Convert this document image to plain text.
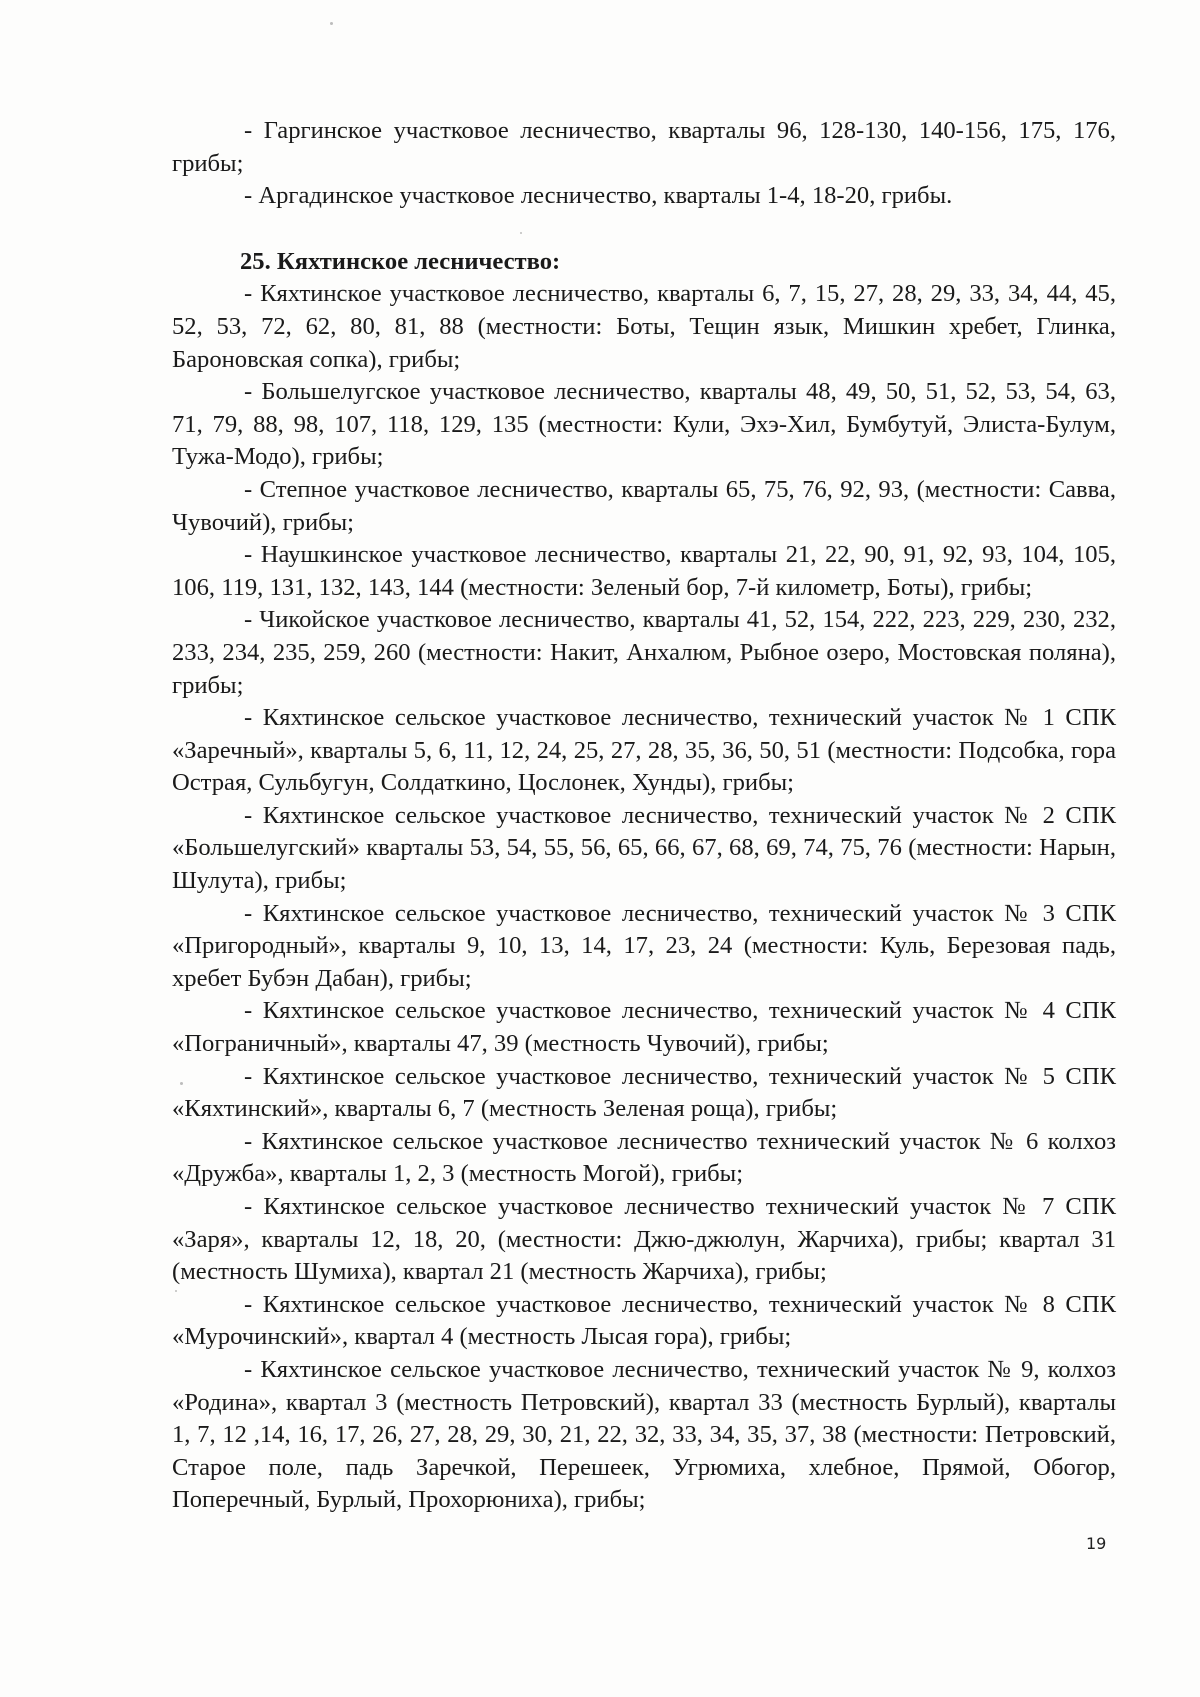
- Гаргинское участковое лесничество, кварталы 96, 128-130, 140-156, 175, 176, грибы;

- Аргадинское участковое лесничество, кварталы 1-4, 18-20, грибы.

25. Кяхтинское лесничество:

- Кяхтинское участковое лесничество, кварталы 6, 7, 15, 27, 28, 29, 33, 34, 44, 45, 52, 53, 72, 62, 80, 81, 88 (местности: Боты, Тещин язык, Мишкин хребет, Глинка, Бароновская сопка), грибы;

- Большелугское участковое лесничество, кварталы 48, 49, 50, 51, 52, 53, 54, 63, 71, 79, 88, 98, 107, 118, 129, 135 (местности: Кули, Эхэ-Хил, Бумбутуй, Элиста-Булум, Тужа-Модо), грибы;

- Степное участковое лесничество, кварталы 65, 75, 76, 92, 93, (местности: Савва, Чувочий), грибы;

- Наушкинское участковое лесничество, кварталы 21, 22, 90, 91, 92, 93, 104, 105, 106, 119, 131, 132, 143, 144 (местности: Зеленый бор, 7-й километр, Боты), грибы;

- Чикойское участковое лесничество, кварталы 41, 52, 154, 222, 223, 229, 230, 232, 233, 234, 235, 259, 260 (местности: Накит, Анхалюм, Рыбное озеро, Мостовская поляна), грибы;

- Кяхтинское сельское участковое лесничество, технический участок № 1 СПК «Заречный», кварталы 5, 6, 11, 12, 24, 25, 27, 28, 35, 36, 50, 51 (местности: Подсобка, гора Острая, Сульбугун, Солдаткино, Цослонек, Хунды), грибы;

- Кяхтинское сельское участковое лесничество, технический участок № 2 СПК «Большелугский» кварталы 53, 54, 55, 56, 65, 66, 67, 68, 69, 74, 75, 76 (местности: Нарын, Шулута), грибы;

- Кяхтинское сельское участковое лесничество, технический участок № 3 СПК «Пригородный», кварталы 9, 10, 13, 14, 17, 23, 24 (местности: Куль, Березовая падь, хребет Бубэн Дабан), грибы;

- Кяхтинское сельское участковое лесничество, технический участок № 4 СПК «Пограничный», кварталы 47, 39 (местность Чувочий), грибы;

- Кяхтинское сельское участковое лесничество, технический участок № 5 СПК «Кяхтинский», кварталы 6, 7 (местность Зеленая роща), грибы;

- Кяхтинское сельское участковое лесничество технический участок № 6 колхоз «Дружба», кварталы 1, 2, 3 (местность Могой), грибы;

- Кяхтинское сельское участковое лесничество технический участок № 7 СПК «Заря», кварталы 12, 18, 20, (местности: Джю-джюлун, Жарчиха), грибы; квартал 31 (местность Шумиха), квартал 21 (местность Жарчиха), грибы;

- Кяхтинское сельское участковое лесничество, технический участок № 8 СПК «Мурочинский», квартал 4 (местность Лысая гора), грибы;

- Кяхтинское сельское участковое лесничество, технический участок № 9, колхоз «Родина», квартал 3 (местность Петровский), квартал 33 (местность Бурлый), кварталы 1, 7, 12 ,14, 16, 17, 26, 27, 28, 29, 30, 21, 22, 32, 33, 34, 35, 37, 38 (местности: Петровский, Старое поле, падь Заречкой, Перешеек, Угрюмиха, хлебное, Прямой, Обогор, Поперечный, Бурлый, Прохорюниха), грибы;

19
